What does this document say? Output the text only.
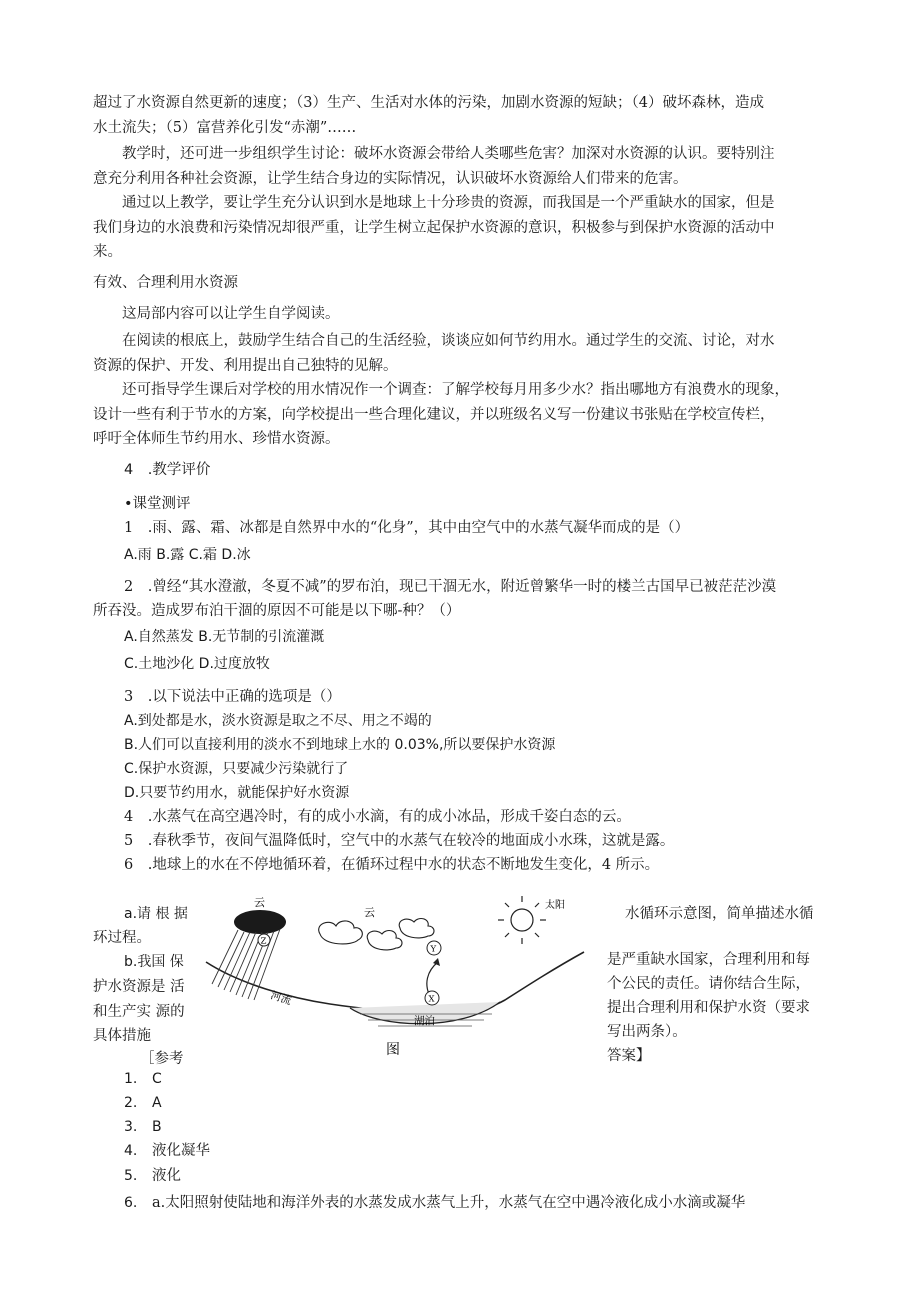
超过了水资源自然更新的速度；（3）生产、生活对水体的污染，加剧水资源的短缺；（4）破坏森林，造成
水土流失；（5）富营养化引发“赤潮”……
教学时，还可进一步组织学生讨论：破坏水资源会带给人类哪些危害？加深对水资源的认识。要特别注
意充分利用各种社会资源，让学生结合身边的实际情况，认识破坏水资源给人们带来的危害。
通过以上教学，要让学生充分认识到水是地球上十分珍贵的资源，而我国是一个严重缺水的国家，但是
我们身边的水浪费和污染情况却很严重，让学生树立起保护水资源的意识，积极参与到保护水资源的活动中
来。
有效、合理利用水资源
这局部内容可以让学生自学阅读。
在阅读的根底上，鼓励学生结合自己的生活经验，谈谈应如何节约用水。通过学生的交流、讨论，对水
资源的保护、开发、利用提出自己独特的见解。
还可指导学生课后对学校的用水情况作一个调查：了解学校每月用多少水？指出哪地方有浪费水的现象，
设计一些有利于节水的方案，向学校提出一些合理化建议，并以班级名义写一份建议书张贴在学校宣传栏，
呼吁全体师生节约用水、珍惜水资源。
4　.教学评价
•课堂测评
1　.雨、露、霜、冰都是自然界中水的“化身”，其中由空气中的水蒸气凝华而成的是（）
A.雨 B.露 C.霜 D.冰
2　.曾经“其水澄澈，冬夏不减”的罗布泊，现已干涸无水，附近曾繁华一时的楼兰古国早已被茫茫沙漠
所吞没。造成罗布泊干涸的原因不可能是以下哪-种？（）
A.自然蒸发 B.无节制的引流灌溉
C.土地沙化 D.过度放牧
3　.以下说法中正确的选项是（）
A.到处都是水，淡水资源是取之不尽、用之不竭的
B.人们可以直接利用的淡水不到地球上水的 0.03%,所以要保护水资源
C.保护水资源，只要减少污染就行了
D.只要节约用水，就能保护好水资源
4　.水蒸气在高空遇冷时，有的成小水滴，有的成小冰品，形成千姿白态的云。
5　.春秋季节，夜间气温降低时，空气中的水蒸气在较冷的地面成小水珠，这就是露。
6　.地球上的水在不停地循环着，在循环过程中水的状态不断地发生变化，4 所示。
a.请 根 据
环过程。
b.我国 保
护水资源是 活
和生产实 源的
具体措施
［参考
水循环示意图，简单描述水循
是严重缺水国家，合理利用和每
个公民的责任。请你结合生际，
提出合理利用和保护水资（要求
写出两条）。
答案】
云
Z
云
Y
太阳
X
河流
湖泊
图
1. C
2. A
3. B
4. 液化凝华
5. 液化
6. a.太阳照射使陆地和海洋外表的水蒸发成水蒸气上升，水蒸气在空中遇冷液化成小水滴或凝华
